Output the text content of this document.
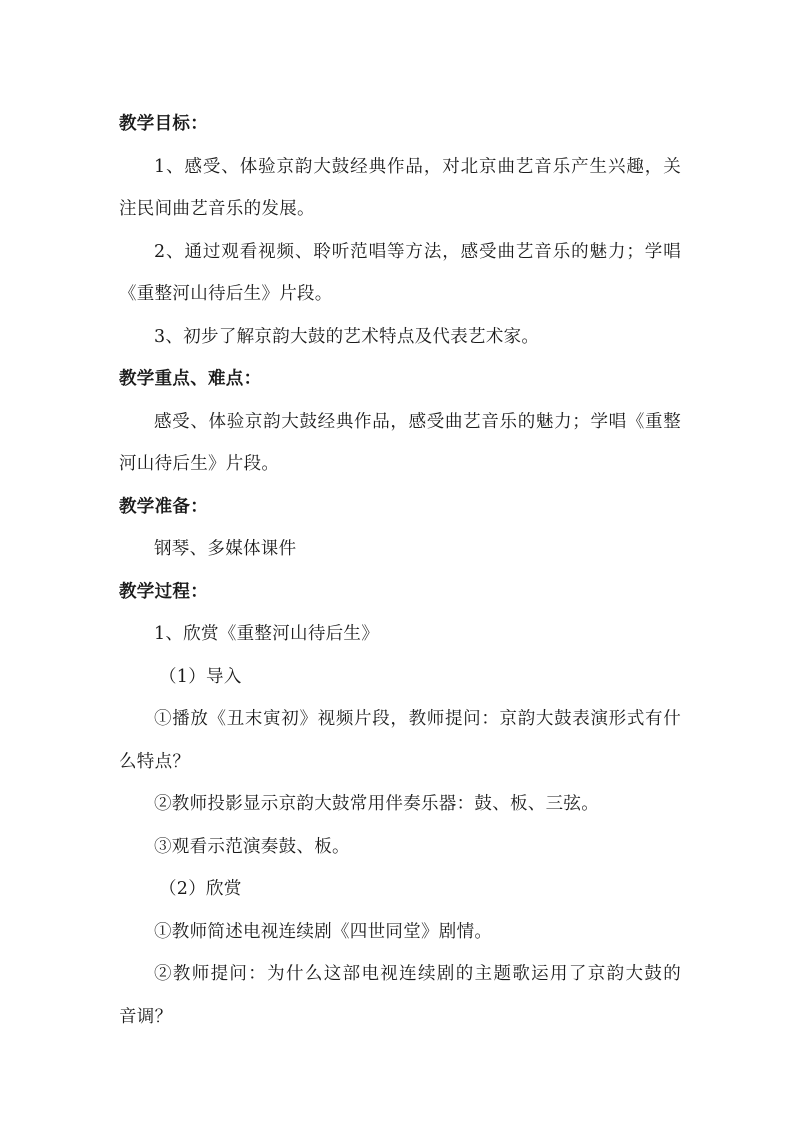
教学目标：
1、感受、体验京韵大鼓经典作品，对北京曲艺音乐产生兴趣，关
注民间曲艺音乐的发展。
2、通过观看视频、聆听范唱等方法，感受曲艺音乐的魅力；学唱
《重整河山待后生》片段。
3、初步了解京韵大鼓的艺术特点及代表艺术家。
教学重点、难点：
感受、体验京韵大鼓经典作品，感受曲艺音乐的魅力；学唱《重整
河山待后生》片段。
教学准备：
钢琴、多媒体课件
教学过程：
1、欣赏《重整河山待后生》
（1）导入
①播放《丑末寅初》视频片段，教师提问：京韵大鼓表演形式有什
么特点？
②教师投影显示京韵大鼓常用伴奏乐器：鼓、板、三弦。
③观看示范演奏鼓、板。
（2）欣赏
①教师简述电视连续剧《四世同堂》剧情。
②教师提问：为什么这部电视连续剧的主题歌运用了京韵大鼓的
音调？
